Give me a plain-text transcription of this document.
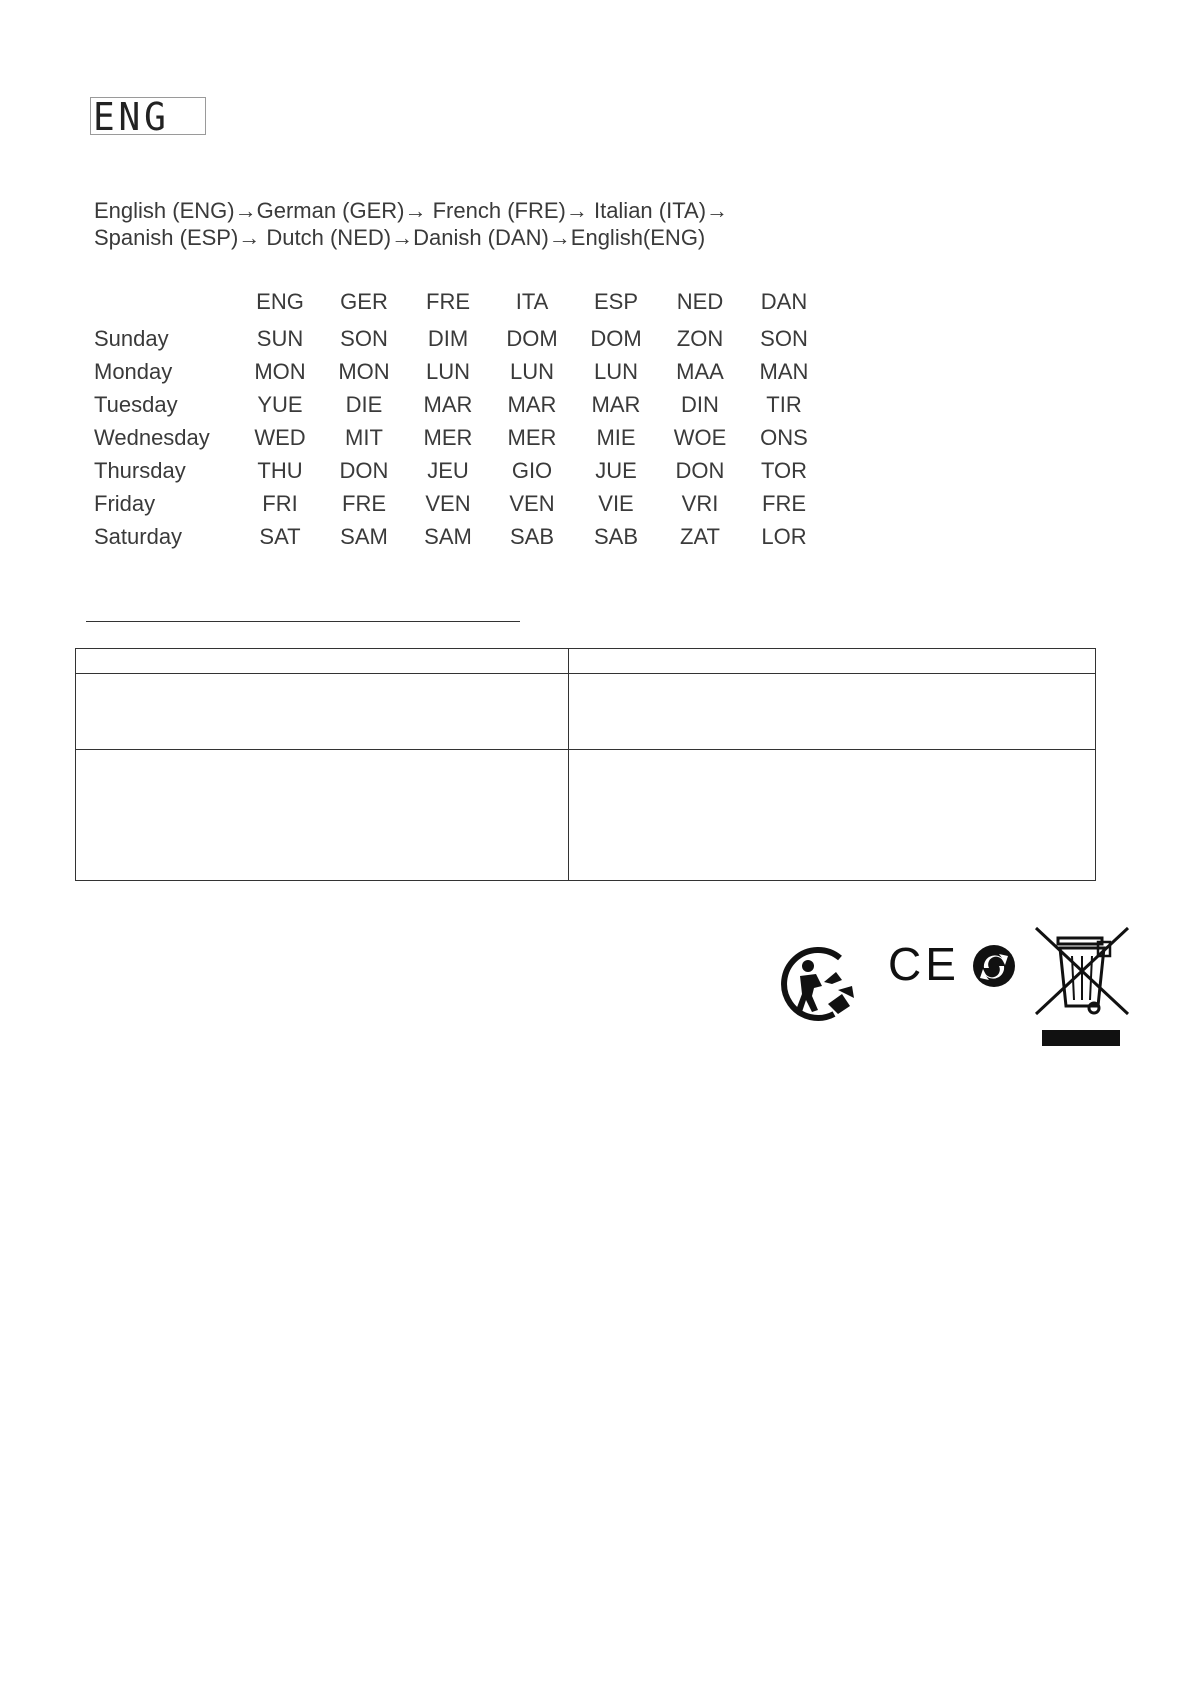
ENG
English (ENG)→German (GER)→ French (FRE)→ Italian (ITA)→
Spanish (ESP)→ Dutch (NED)→Danish (DAN)→English(ENG)
	ENG	GER	FRE	ITA	ESP	NED	DAN
Sunday	SUN	SON	DIM	DOM	DOM	ZON	SON
Monday	MON	MON	LUN	LUN	LUN	MAA	MAN
Tuesday	YUE	DIE	MAR	MAR	MAR	DIN	TIR
Wednesday	WED	MIT	MER	MER	MIE	WOE	ONS
Thursday	THU	DON	JEU	GIO	JUE	DON	TOR
Friday	FRI	FRE	VEN	VEN	VIE	VRI	FRE
Saturday	SAT	SAM	SAM	SAB	SAB	ZAT	LOR
CE
